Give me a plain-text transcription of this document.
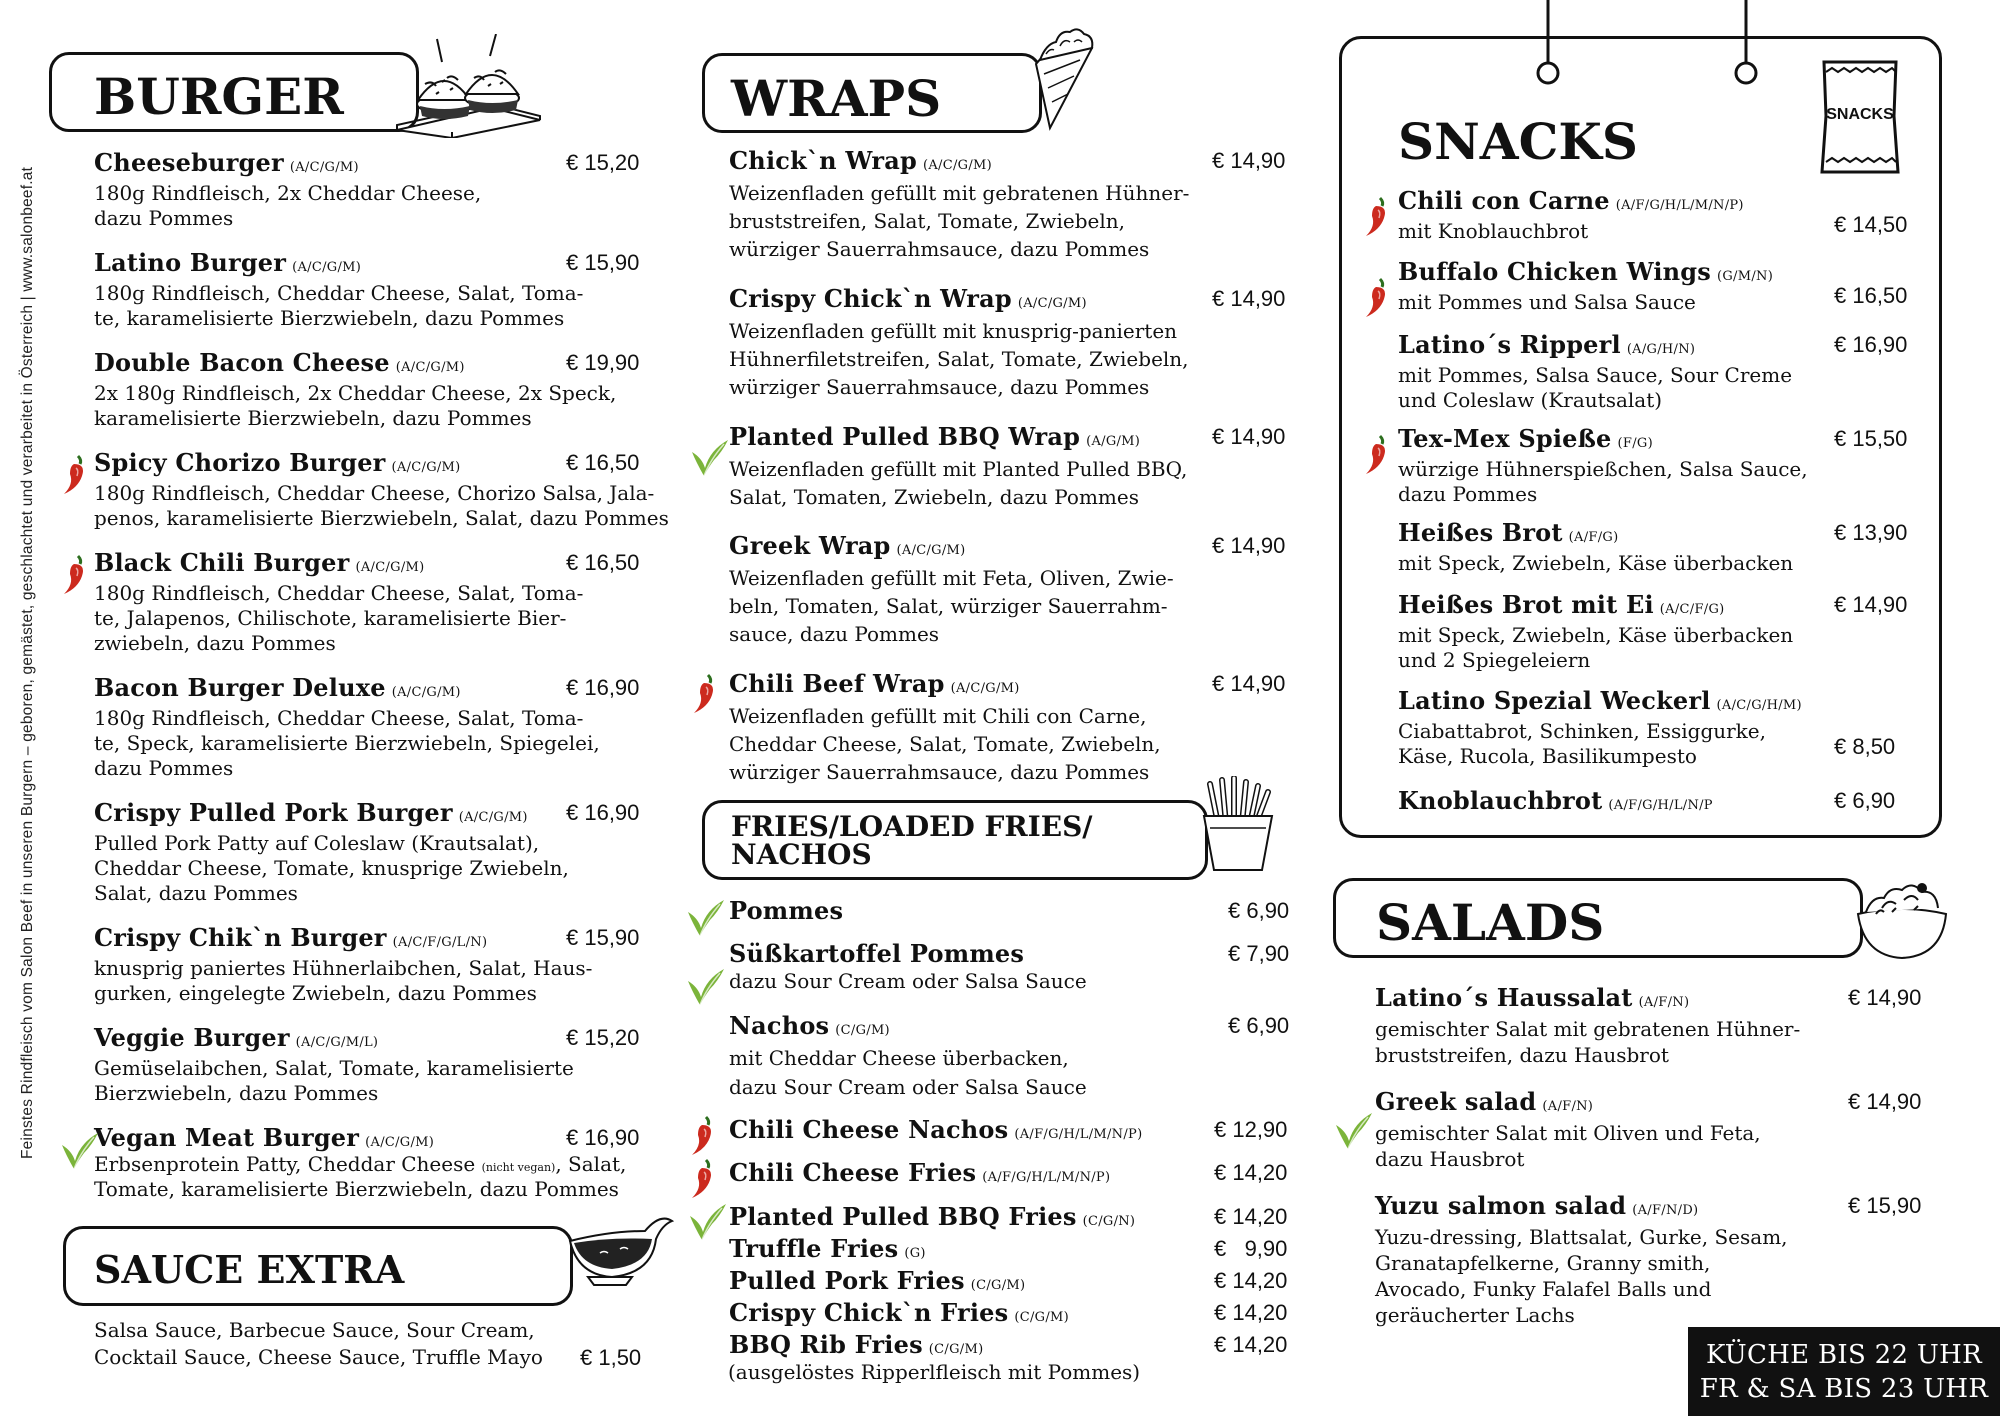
Feinstes Rindfleisch vom Salon Beef in unseren Burgern – geboren, gemästet, geschlachtet und verarbeitet in Österreich | www.salonbeef.at
BURGER
Cheeseburger (A/C/G/M)
180g Rindfleisch, 2x Cheddar Cheese,
dazu Pommes
€ 15,20
Latino Burger (A/C/G/M)
180g Rindfleisch, Cheddar Cheese, Salat, Toma-
te, karamelisierte Bierzwiebeln, dazu Pommes
€ 15,90
Double Bacon Cheese (A/C/G/M)
2x 180g Rindfleisch, 2x Cheddar Cheese, 2x Speck,
karamelisierte Bierzwiebeln, dazu Pommes
€ 19,90
Spicy Chorizo Burger (A/C/G/M)
180g Rindfleisch, Cheddar Cheese, Chorizo Salsa, Jala-
penos, karamelisierte Bierzwiebeln, Salat, dazu Pommes
€ 16,50
Black Chili Burger (A/C/G/M)
180g Rindfleisch, Cheddar Cheese, Salat, Toma-
te, Jalapenos, Chilischote, karamelisierte Bier-
zwiebeln, dazu Pommes
€ 16,50
Bacon Burger Deluxe (A/C/G/M)
180g Rindfleisch, Cheddar Cheese, Salat, Toma-
te, Speck, karamelisierte Bierzwiebeln, Spiegelei,
dazu Pommes
€ 16,90
Crispy Pulled Pork Burger (A/C/G/M)
Pulled Pork Patty auf Coleslaw (Krautsalat),
Cheddar Cheese, Tomate, knusprige Zwiebeln,
Salat, dazu Pommes
€ 16,90
Crispy Chik`n Burger (A/C/F/G/L/N)
knusprig paniertes Hühnerlaibchen, Salat, Haus-
gurken, eingelegte Zwiebeln, dazu Pommes
€ 15,90
Veggie Burger (A/C/G/M/L)
Gemüselaibchen, Salat, Tomate, karamelisierte
Bierzwiebeln, dazu Pommes
€ 15,20
Vegan Meat Burger (A/C/G/M)	€ 16,90
Erbsenprotein Patty, Cheddar Cheese (nicht vegan), Salat,
Tomate, karamelisierte Bierzwiebeln, dazu Pommes
SAUCE EXTRA
Salsa Sauce, Barbecue Sauce, Sour Cream,
Cocktail Sauce, Cheese Sauce, Truffle Mayo € 1,50
WRAPS
Chick`n Wrap (A/C/G/M)
Weizenfladen gefüllt mit gebratenen Hühner-
bruststreifen, Salat, Tomate, Zwiebeln,
würziger Sauerrahmsauce, dazu Pommes
€ 14,90
Crispy Chick`n Wrap (A/C/G/M)
Weizenfladen gefüllt mit knusprig-panierten
Hühnerfiletstreifen, Salat, Tomate, Zwiebeln,
würziger Sauerrahmsauce, dazu Pommes
€ 14,90
Planted Pulled BBQ Wrap (A/G/M)
Weizenfladen gefüllt mit Planted Pulled BBQ,
Salat, Tomaten, Zwiebeln, dazu Pommes
€ 14,90
Greek Wrap (A/C/G/M)
Weizenfladen gefüllt mit Feta, Oliven, Zwie-
beln, Tomaten, Salat, würziger Sauerrahm-
sauce, dazu Pommes
€ 14,90
Chili Beef Wrap (A/C/G/M)
Weizenfladen gefüllt mit Chili con Carne,
Cheddar Cheese, Salat, Tomate, Zwiebeln,
würziger Sauerrahmsauce, dazu Pommes
€ 14,90
FRIES/LOADED FRIES/ NACHOS
Pommes	€ 6,90
Süßkartoffel Pommes
dazu Sour Cream oder Salsa Sauce
€ 7,90
Nachos (C/G/M)
mit Cheddar Cheese überbacken,
dazu Sour Cream oder Salsa Sauce
€ 6,90
Chili Cheese Nachos (A/F/G/H/L/M/N/P)	€ 12,90
Chili Cheese Fries (A/F/G/H/L/M/N/P)	€ 14,20
Planted Pulled BBQ Fries (C/G/N)	€ 14,20
Truffle Fries (G)	€   9,90
Pulled Pork Fries (C/G/M)	€ 14,20
Crispy Chick`n Fries (C/G/M)	€ 14,20
BBQ Rib Fries (C/G/M)	€ 14,20
(ausgelöstes Ripperlfleisch mit Pommes)
SNACKS	SNACKS
Chili con Carne (A/F/G/H/L/M/N/P)
mit Knoblauchbrot	€ 14,50
Buffalo Chicken Wings (G/M/N)
mit Pommes und Salsa Sauce	€ 16,50
Latino´s Ripperl (A/G/H/N)
mit Pommes, Salsa Sauce, Sour Creme
und Coleslaw (Krautsalat)
€ 16,90
Tex-Mex Spieße (F/G)
würzige Hühnerspießchen, Salsa Sauce,
dazu Pommes
€ 15,50
Heißes Brot (A/F/G)
mit Speck, Zwiebeln, Käse überbacken
€ 13,90
Heißes Brot mit Ei (A/C/F/G)
mit Speck, Zwiebeln, Käse überbacken
und 2 Spiegeleiern
€ 14,90
Latino Spezial Weckerl (A/C/G/H/M)
Ciabattabrot, Schinken, Essiggurke,
Käse, Rucola, Basilikumpesto	€ 8,50
Knoblauchbrot (A/F/G/H/L/N/P	€ 6,90
SALADS
Latino´s Haussalat (A/F/N)
gemischter Salat mit gebratenen Hühner-
bruststreifen, dazu Hausbrot
€ 14,90
Greek salad (A/F/N)
gemischter Salat mit Oliven und Feta,
dazu Hausbrot
€ 14,90
Yuzu salmon salad (A/F/N/D)
Yuzu-dressing, Blattsalat, Gurke, Sesam,
Granatapfelkerne, Granny smith,
Avocado, Funky Falafel Balls und
geräucherter Lachs
€ 15,90
KÜCHE BIS 22 UHR
FR & SA BIS 23 UHR
